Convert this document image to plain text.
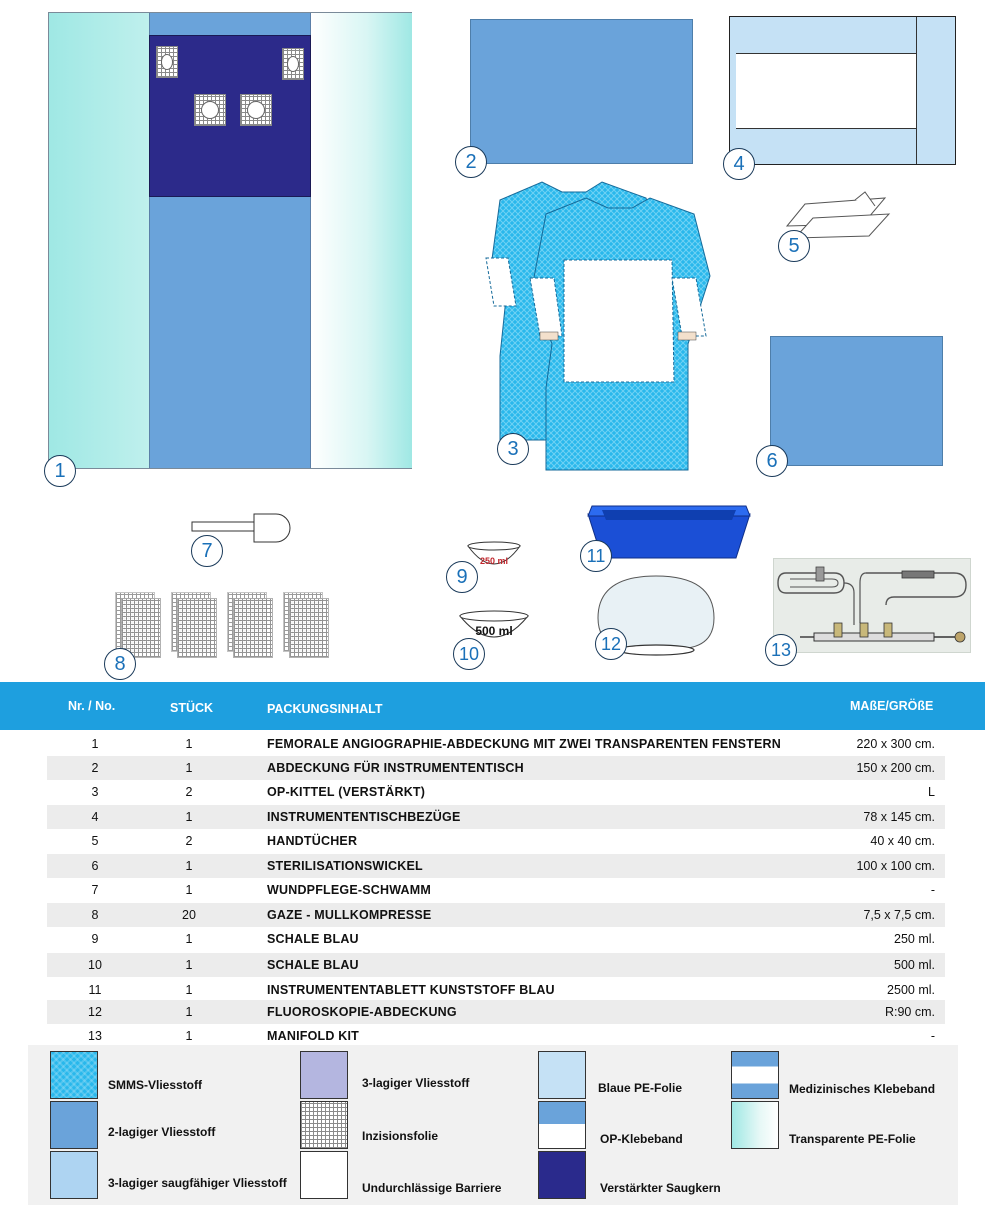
250 ml
500 ml
1
2
3
4
5
6
7
8
9
10
11
12	13
Nr. / No.	STÜCK	PACKUNGSINHALT	MAßE/GRÖßE
1	1	FEMORALE ANGIOGRAPHIE-ABDECKUNG MIT ZWEI TRANSPARENTEN FENSTERN	220 x 300 cm.
2	1	ABDECKUNG FÜR INSTRUMENTENTISCH	150 x 200 cm.
3	2	OP-KITTEL (VERSTÄRKT)	L
4	1	INSTRUMENTENTISCHBEZÜGE	78 x 145 cm.
5	2	HANDTÜCHER	40 x 40 cm.
6	1	STERILISATIONSWICKEL	100 x 100 cm.
7	1	WUNDPFLEGE-SCHWAMM	-
8	20	GAZE - MULLKOMPRESSE	7,5 x 7,5 cm.
9	1	SCHALE BLAU	250 ml.
10	1	SCHALE BLAU	500 ml.
11	1	INSTRUMENTENTABLETT KUNSTSTOFF BLAU	2500 ml.
12	1	FLUOROSKOPIE-ABDECKUNG	R:90 cm.
13	1	MANIFOLD KIT	-
SMMS-Vliesstoff
2-lagiger Vliesstoff
3-lagiger saugfähiger Vliesstoff
3-lagiger Vliesstoff
Inzisionsfolie
Undurchlässige Barriere
Blaue PE-Folie
OP-Klebeband
Verstärkter Saugkern
Medizinisches Klebeband
Transparente PE-Folie
